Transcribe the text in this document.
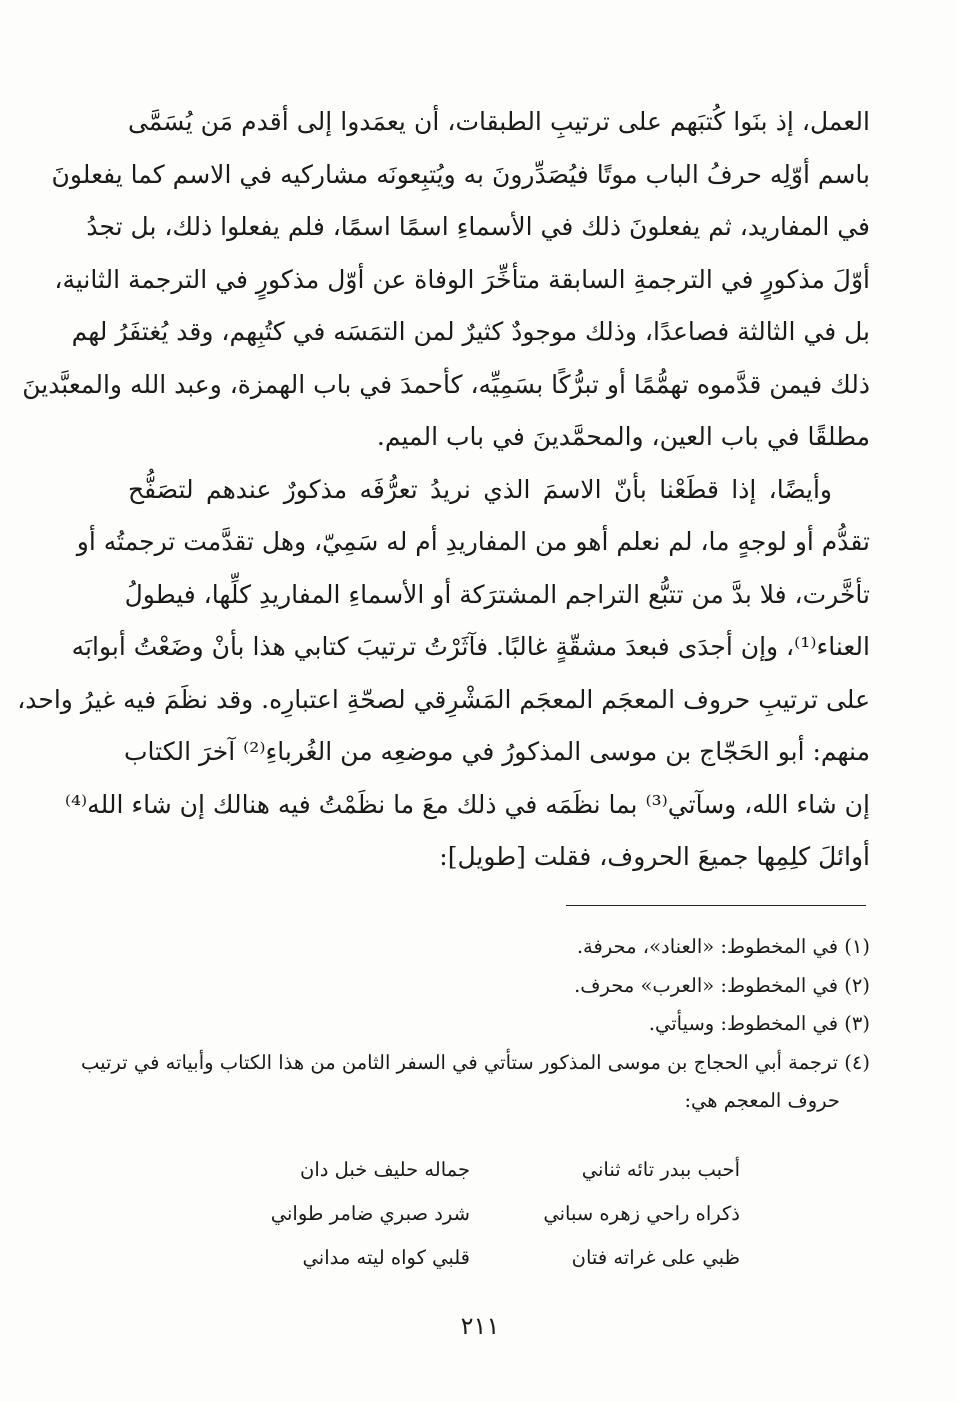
العمل، إذ بنَوا كُتبَهم على ترتيبِ الطبقات، أن يعمَدوا إلى أقدم مَن يُسَمَّى
باسم أوّلِه حرفُ الباب موتًا فيُصَدِّرونَ به ويُتبِعونَه مشاركيه في الاسم كما يفعلونَ
في المفاريد، ثم يفعلونَ ذلك في الأسماءِ اسمًا اسمًا، فلم يفعلوا ذلك، بل تجدُ
أوّلَ مذكورٍ في الترجمةِ السابقة متأخِّرَ الوفاة عن أوّل مذكورٍ في الترجمة الثانية،
بل في الثالثة فصاعدًا، وذلك موجودٌ كثيرٌ لمن التمَسَه في كتُبِهم، وقد يُغتفَرُ لهم
ذلك فيمن قدَّموه تهمُّمًا أو تبرُّكًا بسَمِيِّه، كأحمدَ في باب الهمزة، وعبد الله والمعبَّدينَ
مطلقًا في باب العين، والمحمَّدينَ في باب الميم.
وأيضًا، إذا قطَعْنا بأنّ الاسمَ الذي نريدُ تعرُّفَه مذكورٌ عندهم لتصَفُّح
تقدُّم أو لوجهٍ ما، لم نعلم أهو من المفاريدِ أم له سَمِيّ، وهل تقدَّمت ترجمتُه أو
تأخَّرت، فلا بدَّ من تتبُّع التراجم المشترَكة أو الأسماءِ المفاريدِ كلِّها، فيطولُ
العناء⁽¹⁾، وإن أجدَى فبعدَ مشقّةٍ غالبًا. فآثَرْتُ ترتيبَ كتابي هذا بأنْ وضَعْتُ أبوابَه
على ترتيبِ حروف المعجَم المعجَم المَشْرِقي لصحّةِ اعتبارِه. وقد نظَمَ فيه غيرُ واحد،
منهم: أبو الحَجّاج بن موسى المذكورُ في موضعِه من الغُرباءِ⁽²⁾ آخرَ الكتاب
إن شاء الله، وسآتي⁽³⁾ بما نظَمَه في ذلك معَ ما نظَمْتُ فيه هنالك إن شاء الله⁽⁴⁾
أوائلَ كلِمِها جميعَ الحروف، فقلت [طويل]:
(١) في المخطوط: «العناد»، محرفة.
(٢) في المخطوط: «العرب» محرف.
(٣) في المخطوط: وسيأتي.
(٤) ترجمة أبي الحجاج بن موسى المذكور ستأتي في السفر الثامن من هذا الكتاب وأبياته في ترتيب
حروف المعجم هي:
أحبب ببدر تائه ثناني
ذكراه راحي زهره سباني
ظبي على غراته فتان
جماله حليف خبل دان
شرد صبري ضامر طواني
قلبي كواه ليته مداني
٢١١
